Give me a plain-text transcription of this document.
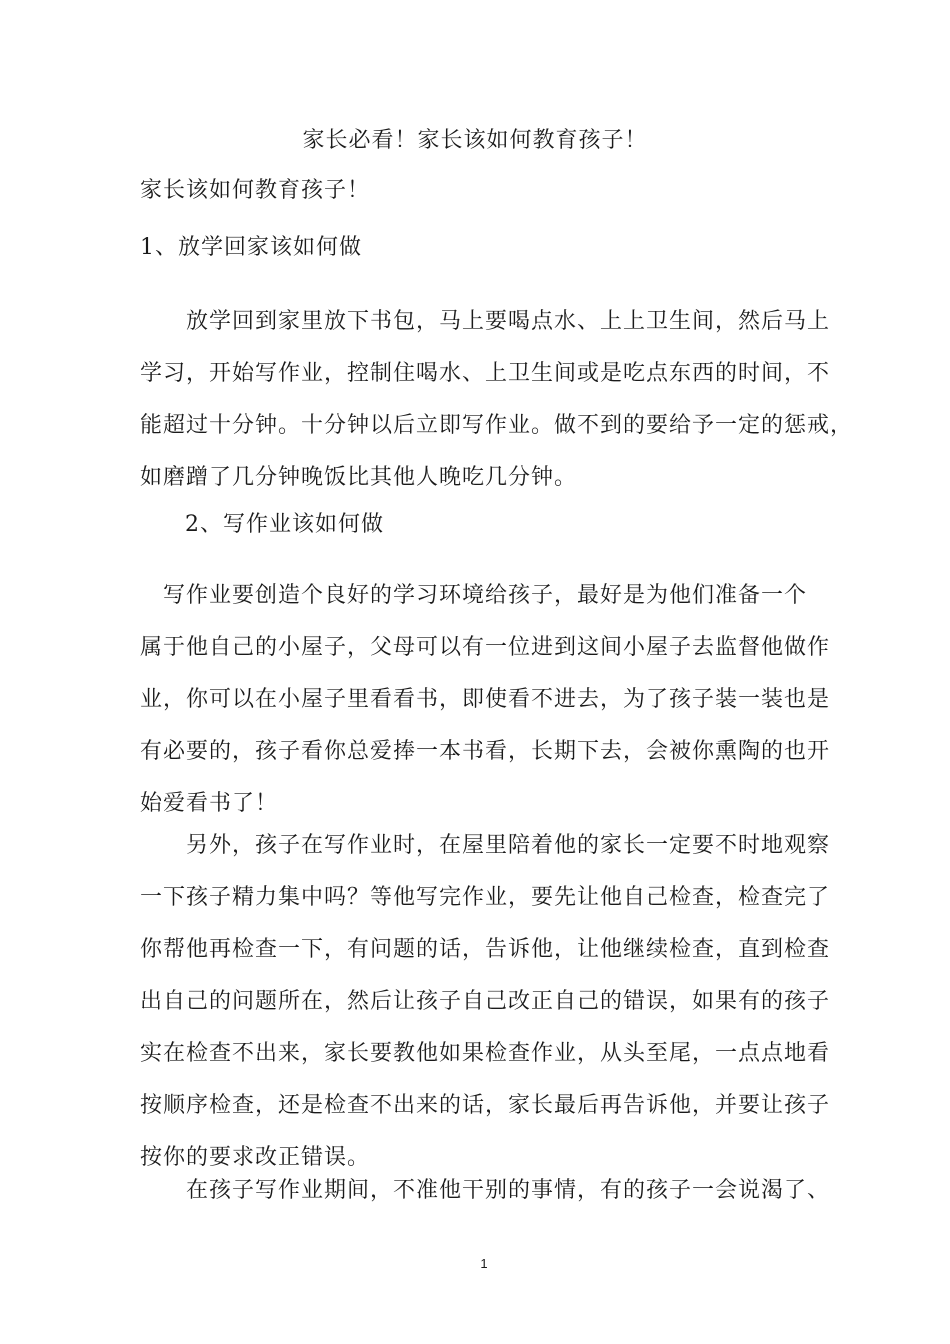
家长必看！家长该如何教育孩子！
家长该如何教育孩子！
1、放学回家该如何做
　　放学回到家里放下书包，马上要喝点水、上上卫生间，然后马上
学习，开始写作业，控制住喝水、上卫生间或是吃点东西的时间，不
能超过十分钟。十分钟以后立即写作业。做不到的要给予一定的惩戒，
如磨蹭了几分钟晚饭比其他人晚吃几分钟。
2、写作业该如何做
　写作业要创造个良好的学习环境给孩子，最好是为他们准备一个
属于他自己的小屋子，父母可以有一位进到这间小屋子去监督他做作
业，你可以在小屋子里看看书，即使看不进去，为了孩子装一装也是
有必要的，孩子看你总爱捧一本书看，长期下去，会被你熏陶的也开
始爱看书了！
　　另外，孩子在写作业时，在屋里陪着他的家长一定要不时地观察
一下孩子精力集中吗？等他写完作业，要先让他自己检查，检查完了
你帮他再检查一下，有问题的话，告诉他，让他继续检查，直到检查
出自己的问题所在，然后让孩子自己改正自己的错误，如果有的孩子
实在检查不出来，家长要教他如果检查作业，从头至尾，一点点地看
按顺序检查，还是检查不出来的话，家长最后再告诉他，并要让孩子
按你的要求改正错误。
　　在孩子写作业期间，不准他干别的事情，有的孩子一会说渴了、
1
